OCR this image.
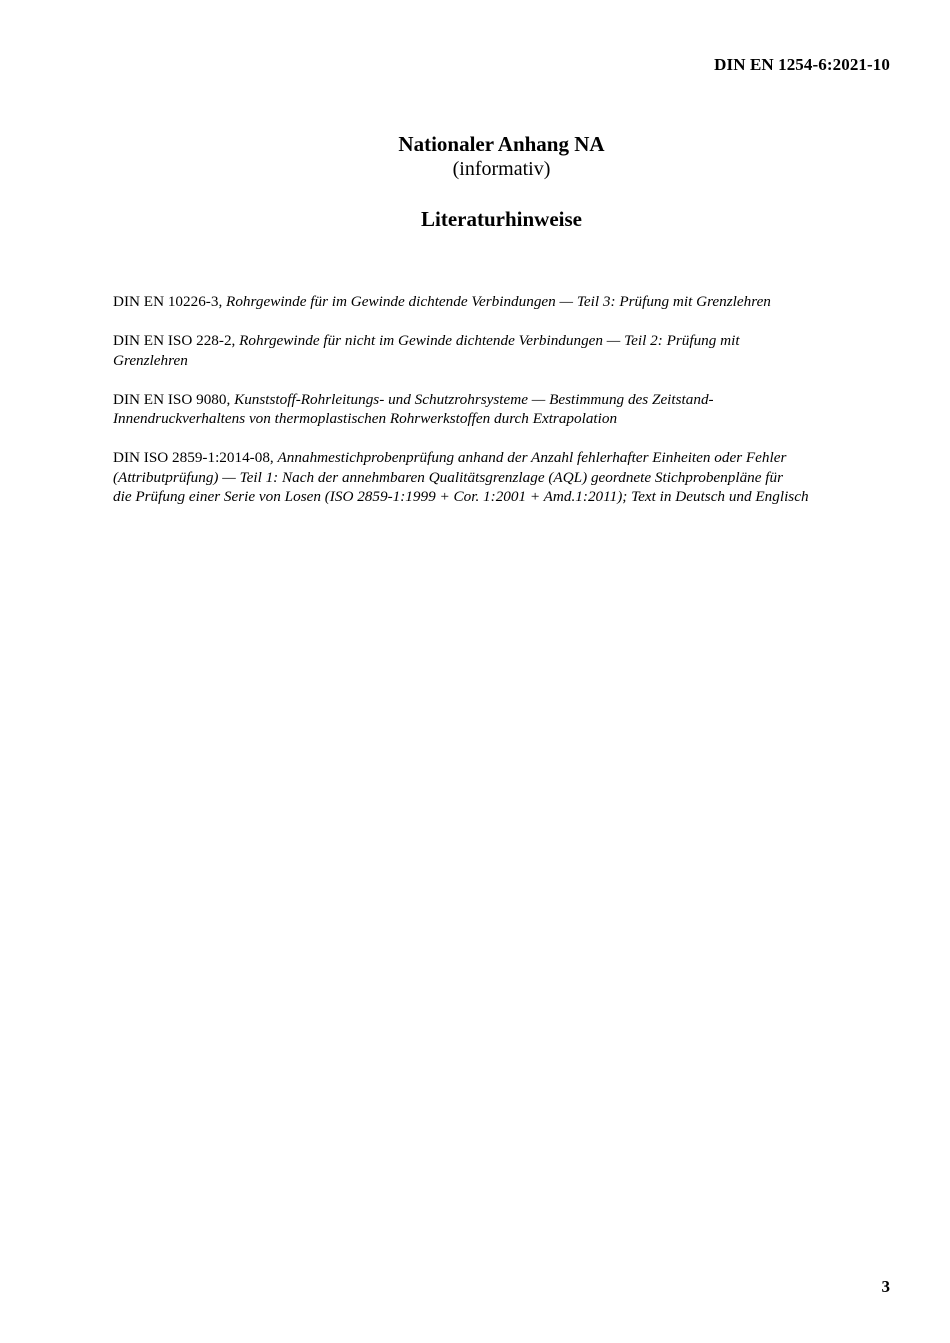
DIN EN 1254-6:2021-10
Nationaler Anhang NA
(informativ)
Literaturhinweise
DIN EN 10226-3, Rohrgewinde für im Gewinde dichtende Verbindungen — Teil 3: Prüfung mit Grenzlehren
DIN EN ISO 228-2, Rohrgewinde für nicht im Gewinde dichtende Verbindungen — Teil 2: Prüfung mit
Grenzlehren
DIN EN ISO 9080, Kunststoff-Rohrleitungs- und Schutzrohrsysteme — Bestimmung des Zeitstand-
Innendruckverhaltens von thermoplastischen Rohrwerkstoffen durch Extrapolation
DIN ISO 2859-1:2014-08, Annahmestichprobenprüfung anhand der Anzahl fehlerhafter Einheiten oder Fehler
(Attributprüfung) — Teil 1: Nach der annehmbaren Qualitätsgrenzlage (AQL) geordnete Stichprobenpläne für
die Prüfung einer Serie von Losen (ISO 2859-1:1999 + Cor. 1:2001 + Amd.1:2011); Text in Deutsch und Englisch
3
